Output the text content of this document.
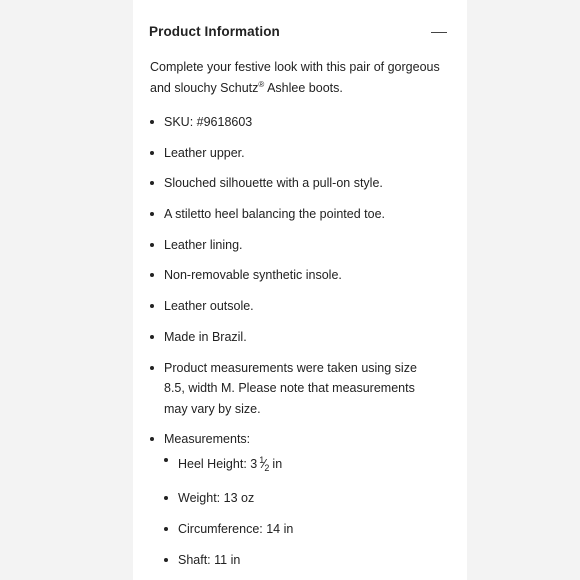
Product Information
Complete your festive look with this pair of gorgeous and slouchy Schutz® Ashlee boots.
SKU: #9618603
Leather upper.
Slouched silhouette with a pull-on style.
A stiletto heel balancing the pointed toe.
Leather lining.
Non-removable synthetic insole.
Leather outsole.
Made in Brazil.
Product measurements were taken using size 8.5, width M. Please note that measurements may vary by size.
Measurements:
Heel Height: 3 $^1⁄_2$ in
Weight: 13 oz
Circumference: 14 in
Shaft: 11 in
